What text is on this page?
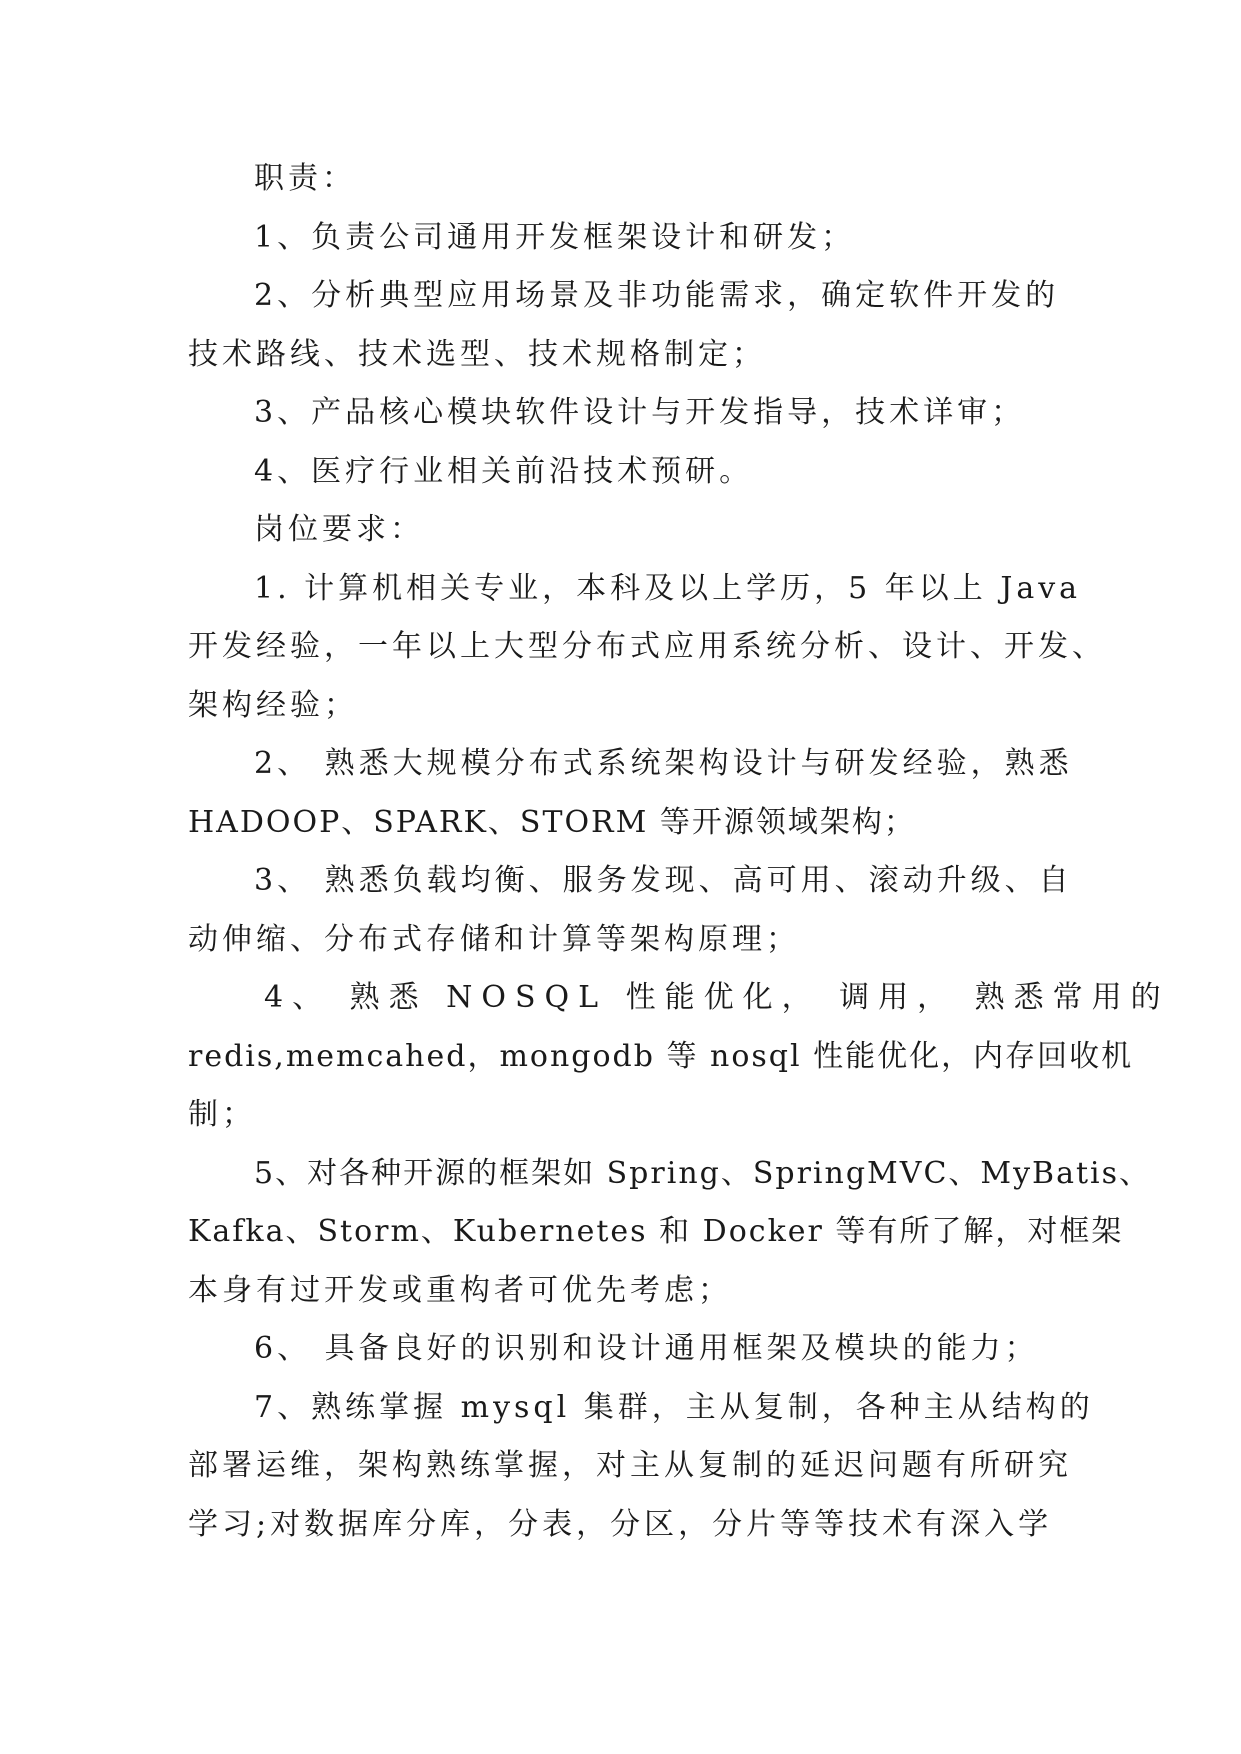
职责：
1、负责公司通用开发框架设计和研发；
2、分析典型应用场景及非功能需求，确定软件开发的
技术路线、技术选型、技术规格制定；
3、产品核心模块软件设计与开发指导，技术详审；
4、医疗行业相关前沿技术预研。
岗位要求：
1. 计算机相关专业，本科及以上学历，5 年以上 Java
开发经验，一年以上大型分布式应用系统分析、设计、开发、
架构经验；
2、 熟悉大规模分布式系统架构设计与研发经验，熟悉
HADOOP、SPARK、STORM 等开源领域架构；
3、 熟悉负载均衡、服务发现、高可用、滚动升级、自
动伸缩、分布式存储和计算等架构原理；
4、 熟悉 NOSQL 性能优化， 调用， 熟悉常用的
redis,memcahed，mongodb 等 nosql 性能优化，内存回收机
制；
5、对各种开源的框架如 Spring、SpringMVC、MyBatis、
Kafka、Storm、Kubernetes 和 Docker 等有所了解，对框架
本身有过开发或重构者可优先考虑；
6、 具备良好的识别和设计通用框架及模块的能力；
7、熟练掌握 mysql 集群，主从复制，各种主从结构的
部署运维，架构熟练掌握，对主从复制的延迟问题有所研究
学习;对数据库分库，分表，分区，分片等等技术有深入学
